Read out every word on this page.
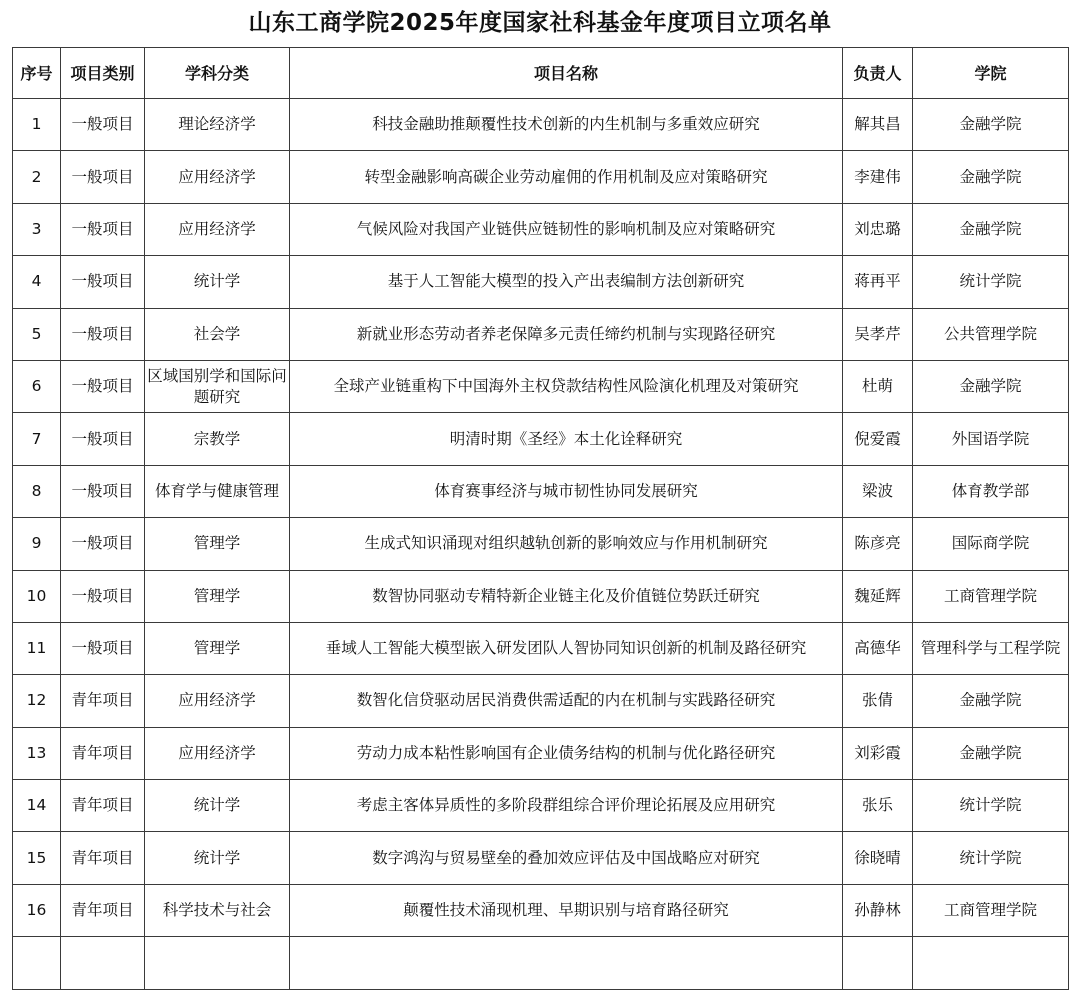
山东工商学院2025年度国家社科基金年度项目立项名单
序号	项目类别	学科分类	项目名称	负责人	学院
1	一般项目	理论经济学	科技金融助推颠覆性技术创新的内生机制与多重效应研究	解其昌	金融学院
2	一般项目	应用经济学	转型金融影响高碳企业劳动雇佣的作用机制及应对策略研究	李建伟	金融学院
3	一般项目	应用经济学	气候风险对我国产业链供应链韧性的影响机制及应对策略研究	刘忠璐	金融学院
4	一般项目	统计学	基于人工智能大模型的投入产出表编制方法创新研究	蒋再平	统计学院
5	一般项目	社会学	新就业形态劳动者养老保障多元责任缔约机制与实现路径研究	吴孝芹	公共管理学院
6	一般项目	区域国别学和国际问题研究	全球产业链重构下中国海外主权贷款结构性风险演化机理及对策研究	杜萌	金融学院
7	一般项目	宗教学	明清时期《圣经》本土化诠释研究	倪爱霞	外国语学院
8	一般项目	体育学与健康管理	体育赛事经济与城市韧性协同发展研究	梁波	体育教学部
9	一般项目	管理学	生成式知识涌现对组织越轨创新的影响效应与作用机制研究	陈彦亮	国际商学院
10	一般项目	管理学	数智协同驱动专精特新企业链主化及价值链位势跃迁研究	魏延辉	工商管理学院
11	一般项目	管理学	垂域人工智能大模型嵌入研发团队人智协同知识创新的机制及路径研究	高德华	管理科学与工程学院
12	青年项目	应用经济学	数智化信贷驱动居民消费供需适配的内在机制与实践路径研究	张倩	金融学院
13	青年项目	应用经济学	劳动力成本粘性影响国有企业债务结构的机制与优化路径研究	刘彩霞	金融学院
14	青年项目	统计学	考虑主客体异质性的多阶段群组综合评价理论拓展及应用研究	张乐	统计学院
15	青年项目	统计学	数字鸿沟与贸易壁垒的叠加效应评估及中国战略应对研究	徐晓晴	统计学院
16	青年项目	科学技术与社会	颠覆性技术涌现机理、早期识别与培育路径研究	孙静林	工商管理学院
